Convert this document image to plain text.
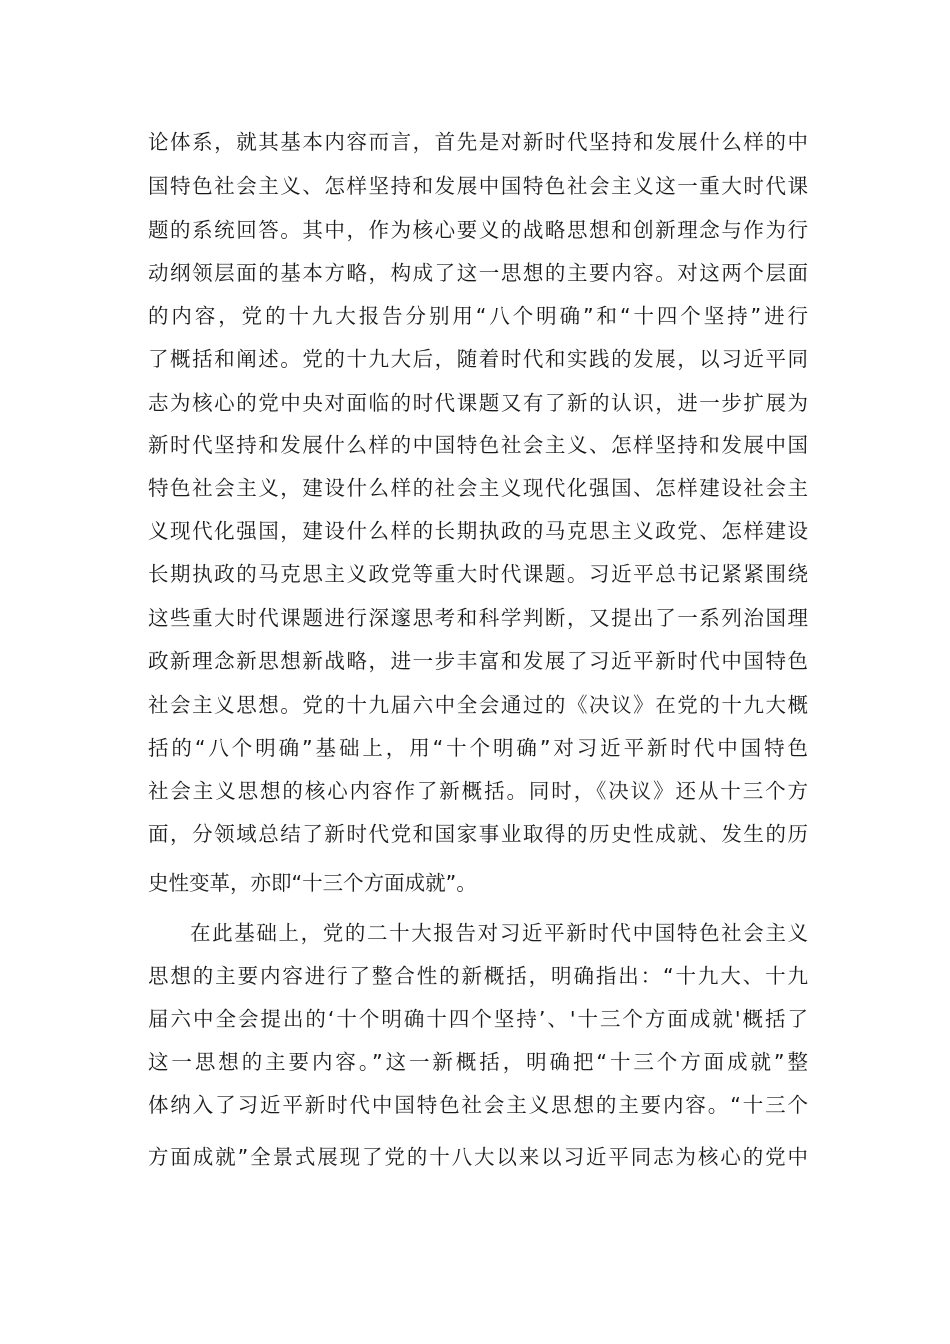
论体系，就其基本内容而言，首先是对新时代坚持和发展什么样的中
国特色社会主义、怎样坚持和发展中国特色社会主义这一重大时代课
题的系统回答。其中，作为核心要义的战略思想和创新理念与作为行
动纲领层面的基本方略，构成了这一思想的主要内容。对这两个层面
的内容，党的十九大报告分别用“八个明确”和“十四个坚持”进行
了概括和阐述。党的十九大后，随着时代和实践的发展，以习近平同
志为核心的党中央对面临的时代课题又有了新的认识，进一步扩展为
新时代坚持和发展什么样的中国特色社会主义、怎样坚持和发展中国
特色社会主义，建设什么样的社会主义现代化强国、怎样建设社会主
义现代化强国，建设什么样的长期执政的马克思主义政党、怎样建设
长期执政的马克思主义政党等重大时代课题。习近平总书记紧紧围绕
这些重大时代课题进行深邃思考和科学判断，又提出了一系列治国理
政新理念新思想新战略，进一步丰富和发展了习近平新时代中国特色
社会主义思想。党的十九届六中全会通过的《决议》在党的十九大概
括的“八个明确”基础上，用“十个明确”对习近平新时代中国特色
社会主义思想的核心内容作了新概括。同时，《决议》还从十三个方
面，分领域总结了新时代党和国家事业取得的历史性成就、发生的历
史性变革，亦即“十三个方面成就”。
在此基础上，党的二十大报告对习近平新时代中国特色社会主义
思想的主要内容进行了整合性的新概括，明确指出：“十九大、十九
届六中全会提出的‘十个明确十四个坚持’、'十三个方面成就'概括了
这一思想的主要内容。”这一新概括，明确把“十三个方面成就”整
体纳入了习近平新时代中国特色社会主义思想的主要内容。“十三个
方面成就”全景式展现了党的十八大以来以习近平同志为核心的党中
